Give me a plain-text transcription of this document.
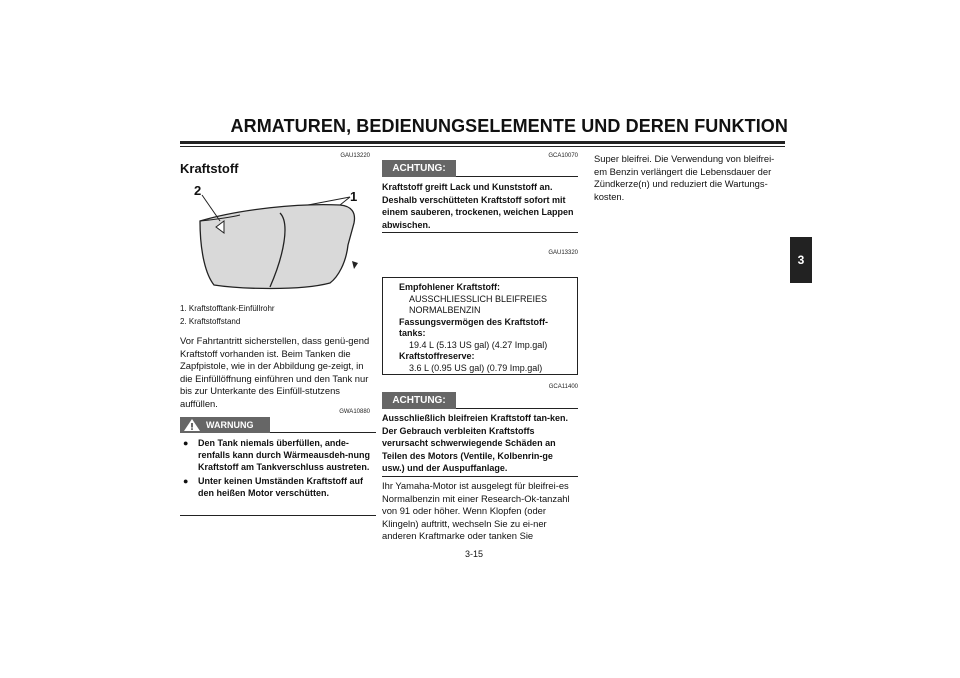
ARMATUREN, BEDIENUNGSELEMENTE UND DEREN FUNKTION
3
GAU13220
Kraftstoff
2	1
1. Kraftstofftank-Einfüllrohr
2. Kraftstoffstand
Vor Fahrtantritt sicherstellen, dass genü-gend Kraftstoff vorhanden ist. Beim Tanken die Zapfpistole, wie in der Abbildung ge-zeigt, in die Einfüllöffnung einführen und den Tank nur bis zur Unterkante des Einfüll-stutzens auffüllen.
GWA10880
WARNUNG
● Den Tank niemals überfüllen, ande-renfalls kann durch Wärmeausdeh-nung Kraftstoff am Tankverschluss austreten.
● Unter keinen Umständen Kraftstoff auf den heißen Motor verschütten.
GCA10070
ACHTUNG:
Kraftstoff greift Lack und Kunststoff an. Deshalb verschütteten Kraftstoff sofort mit einem sauberen, trockenen, weichen Lappen abwischen.
GAU13320
Empfohlener Kraftstoff:
AUSSCHLIESSLICH BLEIFREIES
NORMALBENZIN
Fassungsvermögen des Kraftstoff-
tanks:
19.4 L (5.13 US gal) (4.27 Imp.gal)
Kraftstoffreserve:
3.6 L (0.95 US gal) (0.79 Imp.gal)
GCA11400
ACHTUNG:
Ausschließlich bleifreien Kraftstoff tan-ken. Der Gebrauch verbleiten Kraftstoffs verursacht schwerwiegende Schäden an Teilen des Motors (Ventile, Kolbenrin-ge usw.) und der Auspuffanlage.
Ihr Yamaha-Motor ist ausgelegt für bleifrei-es Normalbenzin mit einer Research-Ok-tanzahl von 91 oder höher. Wenn Klopfen (oder Klingeln) auftritt, wechseln Sie zu ei-ner anderen Kraftmarke oder tanken Sie
Super bleifrei. Die Verwendung von bleifrei-em Benzin verlängert die Lebensdauer der Zündkerze(n) und reduziert die Wartungs-kosten.
3-15
